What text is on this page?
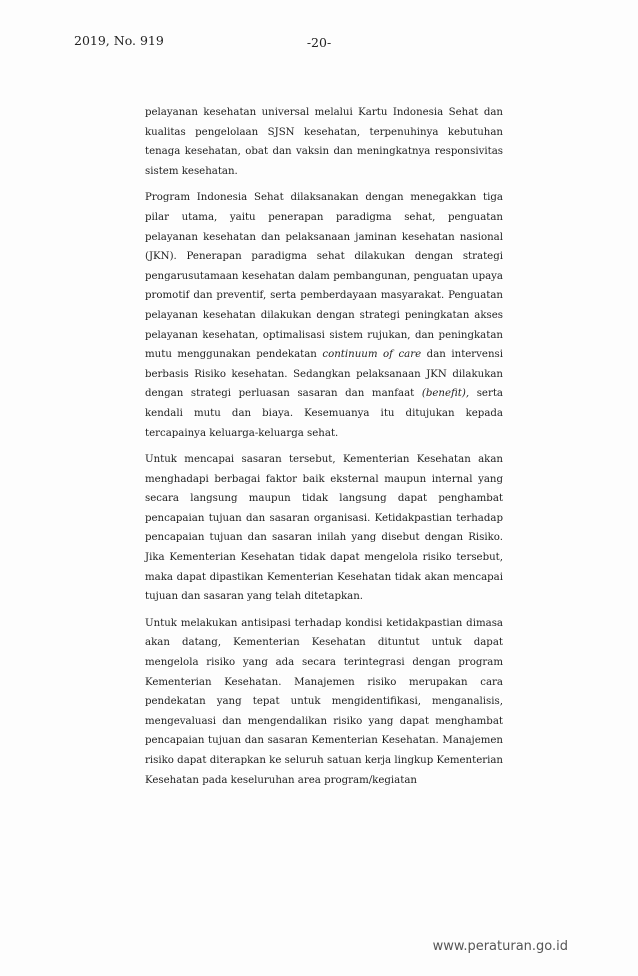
2019, No. 919	-20-

pelayanan kesehatan universal melalui Kartu Indonesia Sehat dan kualitas pengelolaan SJSN kesehatan, terpenuhinya kebutuhan tenaga kesehatan, obat dan vaksin dan meningkatnya responsivitas sistem kesehatan.

Program Indonesia Sehat dilaksanakan dengan menegakkan tiga pilar utama, yaitu penerapan paradigma sehat, penguatan pelayanan kesehatan dan pelaksanaan jaminan kesehatan nasional (JKN). Penerapan paradigma sehat dilakukan dengan strategi pengarusutamaan kesehatan dalam pembangunan, penguatan upaya promotif dan preventif, serta pemberdayaan masyarakat. Penguatan pelayanan kesehatan dilakukan dengan strategi peningkatan akses pelayanan kesehatan, optimalisasi sistem rujukan, dan peningkatan mutu menggunakan pendekatan continuum of care dan intervensi berbasis Risiko kesehatan. Sedangkan pelaksanaan JKN dilakukan dengan strategi perluasan sasaran dan manfaat (benefit), serta kendali mutu dan biaya. Kesemuanya itu ditujukan kepada tercapainya keluarga-keluarga sehat.

Untuk mencapai sasaran tersebut, Kementerian Kesehatan akan menghadapi berbagai faktor baik eksternal maupun internal yang secara langsung maupun tidak langsung dapat penghambat pencapaian tujuan dan sasaran organisasi. Ketidakpastian terhadap pencapaian tujuan dan sasaran inilah yang disebut dengan Risiko. Jika Kementerian Kesehatan tidak dapat mengelola risiko tersebut, maka dapat dipastikan Kementerian Kesehatan tidak akan mencapai tujuan dan sasaran yang telah ditetapkan.

Untuk melakukan antisipasi terhadap kondisi ketidakpastian dimasa akan datang, Kementerian Kesehatan dituntut untuk dapat mengelola risiko yang ada secara terintegrasi dengan program Kementerian Kesehatan. Manajemen risiko merupakan cara pendekatan yang tepat untuk mengidentifikasi, menganalisis, mengevaluasi dan mengendalikan risiko yang dapat menghambat pencapaian tujuan dan sasaran Kementerian Kesehatan. Manajemen risiko dapat diterapkan ke seluruh satuan kerja lingkup Kementerian Kesehatan pada keseluruhan area program/kegiatan

www.peraturan.go.id
